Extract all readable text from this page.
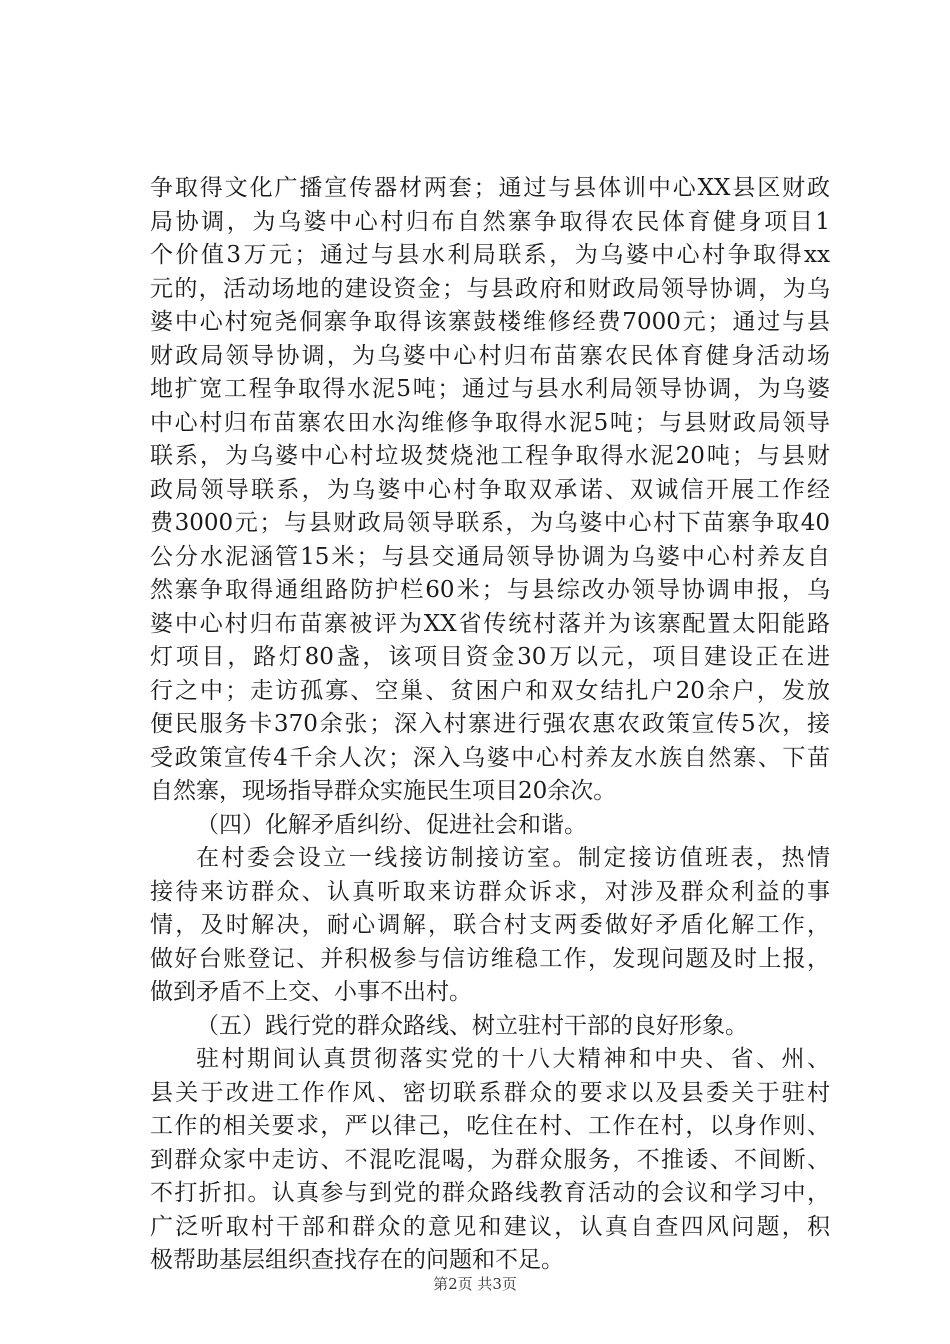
争取得文化广播宣传器材两套；通过与县体训中心XX县区财政
局协调，为乌婆中心村归布自然寨争取得农民体育健身项目1
个价值3万元；通过与县水利局联系，为乌婆中心村争取得xx
元的，活动场地的建设资金；与县政府和财政局领导协调，为乌
婆中心村宛尧侗寨争取得该寨鼓楼维修经费7000元；通过与县
财政局领导协调，为乌婆中心村归布苗寨农民体育健身活动场
地扩宽工程争取得水泥5吨；通过与县水利局领导协调，为乌婆
中心村归布苗寨农田水沟维修争取得水泥5吨；与县财政局领导
联系，为乌婆中心村垃圾焚烧池工程争取得水泥20吨；与县财
政局领导联系，为乌婆中心村争取双承诺、双诚信开展工作经
费3000元；与县财政局领导联系，为乌婆中心村下苗寨争取40
公分水泥涵管15米；与县交通局领导协调为乌婆中心村养友自
然寨争取得通组路防护栏60米；与县综改办领导协调申报，乌
婆中心村归布苗寨被评为XX省传统村落并为该寨配置太阳能路
灯项目，路灯80盏，该项目资金30万以元，项目建设正在进
行之中；走访孤寡、空巢、贫困户和双女结扎户20余户，发放
便民服务卡370余张；深入村寨进行强农惠农政策宣传5次，接
受政策宣传4千余人次；深入乌婆中心村养友水族自然寨、下苗
自然寨，现场指导群众实施民生项目20余次。
（四）化解矛盾纠纷、促进社会和谐。
在村委会设立一线接访制接访室。制定接访值班表，热情
接待来访群众、认真听取来访群众诉求，对涉及群众利益的事
情，及时解决，耐心调解，联合村支两委做好矛盾化解工作，
做好台账登记、并积极参与信访维稳工作，发现问题及时上报，
做到矛盾不上交、小事不出村。
（五）践行党的群众路线、树立驻村干部的良好形象。
驻村期间认真贯彻落实党的十八大精神和中央、省、州、
县关于改进工作作风、密切联系群众的要求以及县委关于驻村
工作的相关要求，严以律己，吃住在村、工作在村，以身作则、
到群众家中走访、不混吃混喝，为群众服务，不推诿、不间断、
不打折扣。认真参与到党的群众路线教育活动的会议和学习中，
广泛听取村干部和群众的意见和建议，认真自查四风问题，积
极帮助基层组织查找存在的问题和不足。
第2页 共3页
